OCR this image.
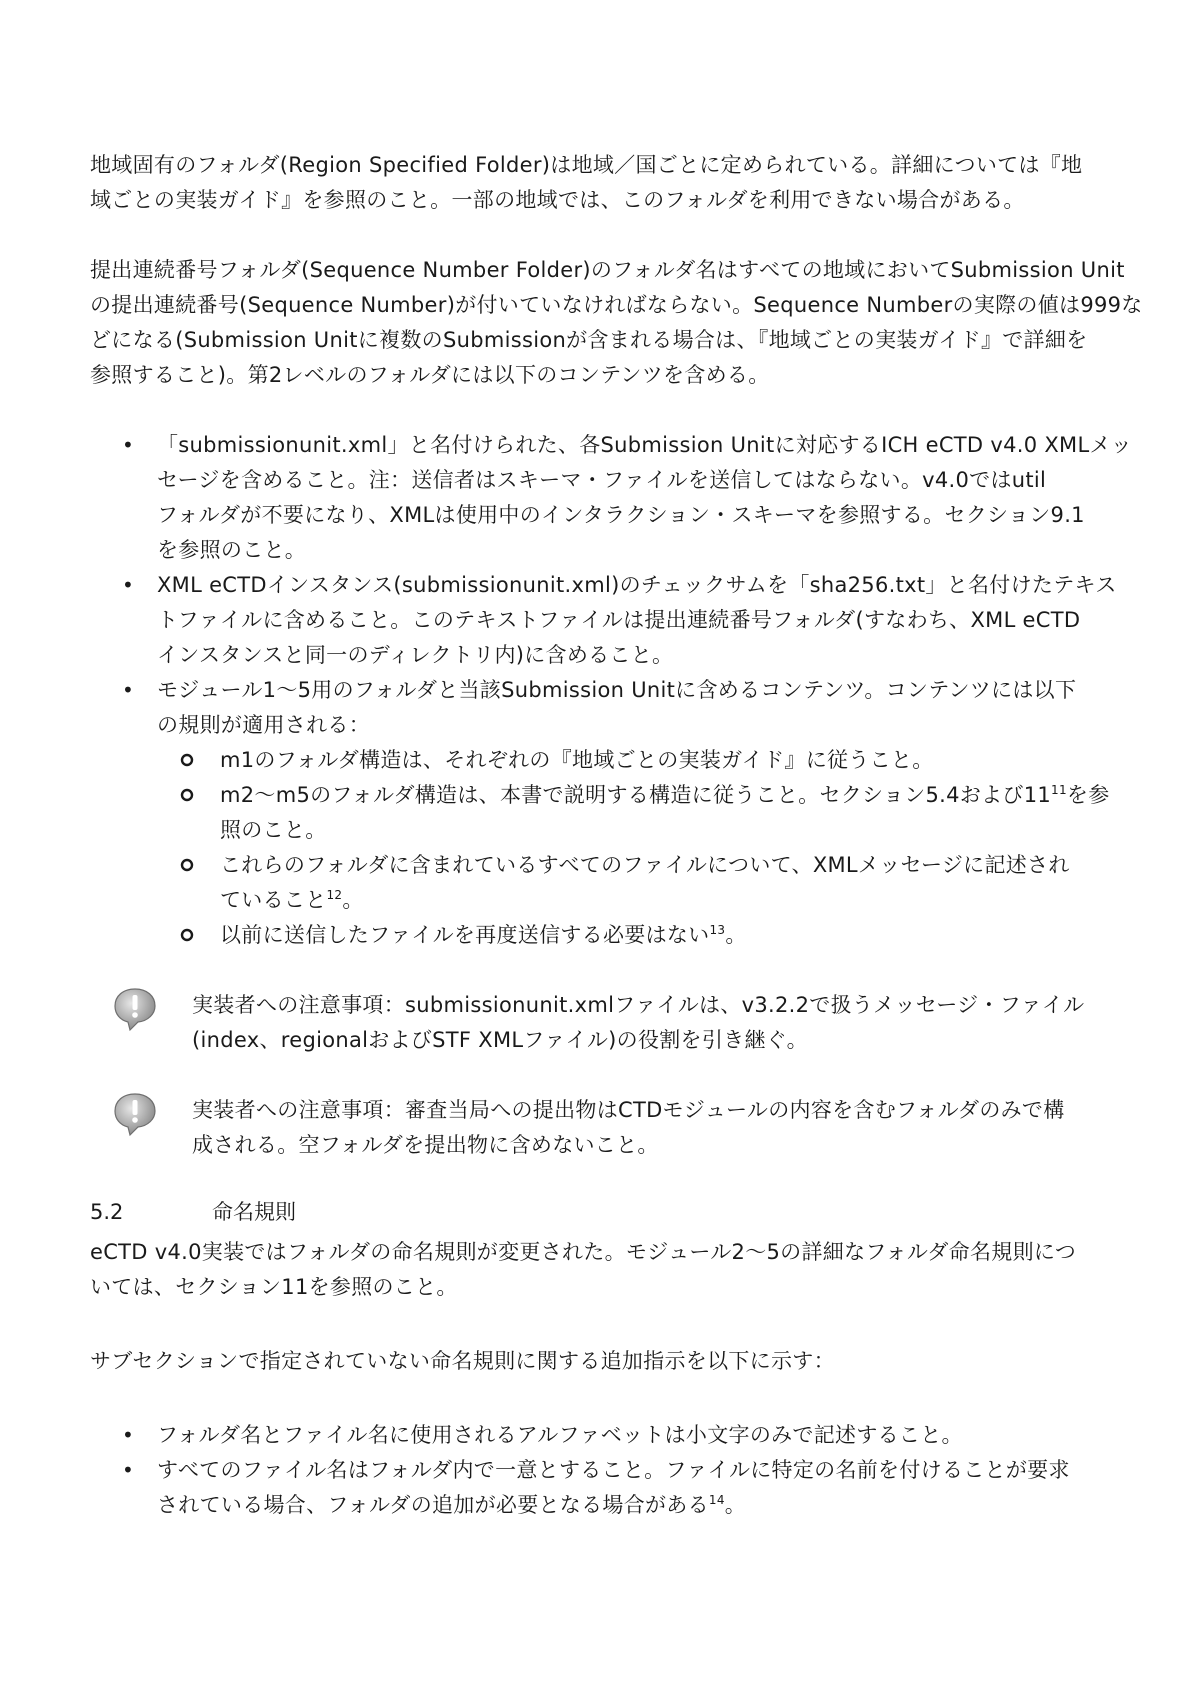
地域固有のフォルダ(Region Specified Folder)は地域／国ごとに定められている。詳細については『地
域ごとの実装ガイド』を参照のこと。一部の地域では、このフォルダを利用できない場合がある。

提出連続番号フォルダ(Sequence Number Folder)のフォルダ名はすべての地域においてSubmission Unit
の提出連続番号(Sequence Number)が付いていなければならない。Sequence Numberの実際の値は999な
どになる(Submission Unitに複数のSubmissionが含まれる場合は、『地域ごとの実装ガイド』で詳細を
参照すること)。第2レベルのフォルダには以下のコンテンツを含める。

• 「submissionunit.xml」と名付けられた、各Submission Unitに対応するICH eCTD v4.0 XMLメッ
セージを含めること。注：送信者はスキーマ・ファイルを送信してはならない。v4.0ではutil
フォルダが不要になり、XMLは使用中のインタラクション・スキーマを参照する。セクション9.1
を参照のこと。
• XML eCTDインスタンス(submissionunit.xml)のチェックサムを「sha256.txt」と名付けたテキス
トファイルに含めること。このテキストファイルは提出連続番号フォルダ(すなわち、XML eCTD
インスタンスと同一のディレクトリ内)に含めること。
• モジュール1～5用のフォルダと当該Submission Unitに含めるコンテンツ。コンテンツには以下
の規則が適用される：
m1のフォルダ構造は、それぞれの『地域ごとの実装ガイド』に従うこと。
m2～m5のフォルダ構造は、本書で説明する構造に従うこと。セクション5.4および$11^{11}$を参
照のこと。
これらのフォルダに含まれているすべてのファイルについて、XMLメッセージに記述され
ていること$^{12}$。
以前に送信したファイルを再度送信する必要はない$^{13}$。
実装者への注意事項：submissionunit.xmlファイルは、v3.2.2で扱うメッセージ・ファイル
(index、regionalおよびSTF XMLファイル)の役割を引き継ぐ。
実装者への注意事項：審査当局への提出物はCTDモジュールの内容を含むフォルダのみで構
成される。空フォルダを提出物に含めないこと。
5.2	命名規則

eCTD v4.0実装ではフォルダの命名規則が変更された。モジュール2～5の詳細なフォルダ命名規則につ
いては、セクション11を参照のこと。

サブセクションで指定されていない命名規則に関する追加指示を以下に示す：

• フォルダ名とファイル名に使用されるアルファベットは小文字のみで記述すること。
• すべてのファイル名はフォルダ内で一意とすること。ファイルに特定の名前を付けることが要求
されている場合、フォルダの追加が必要となる場合がある$^{14}$。
